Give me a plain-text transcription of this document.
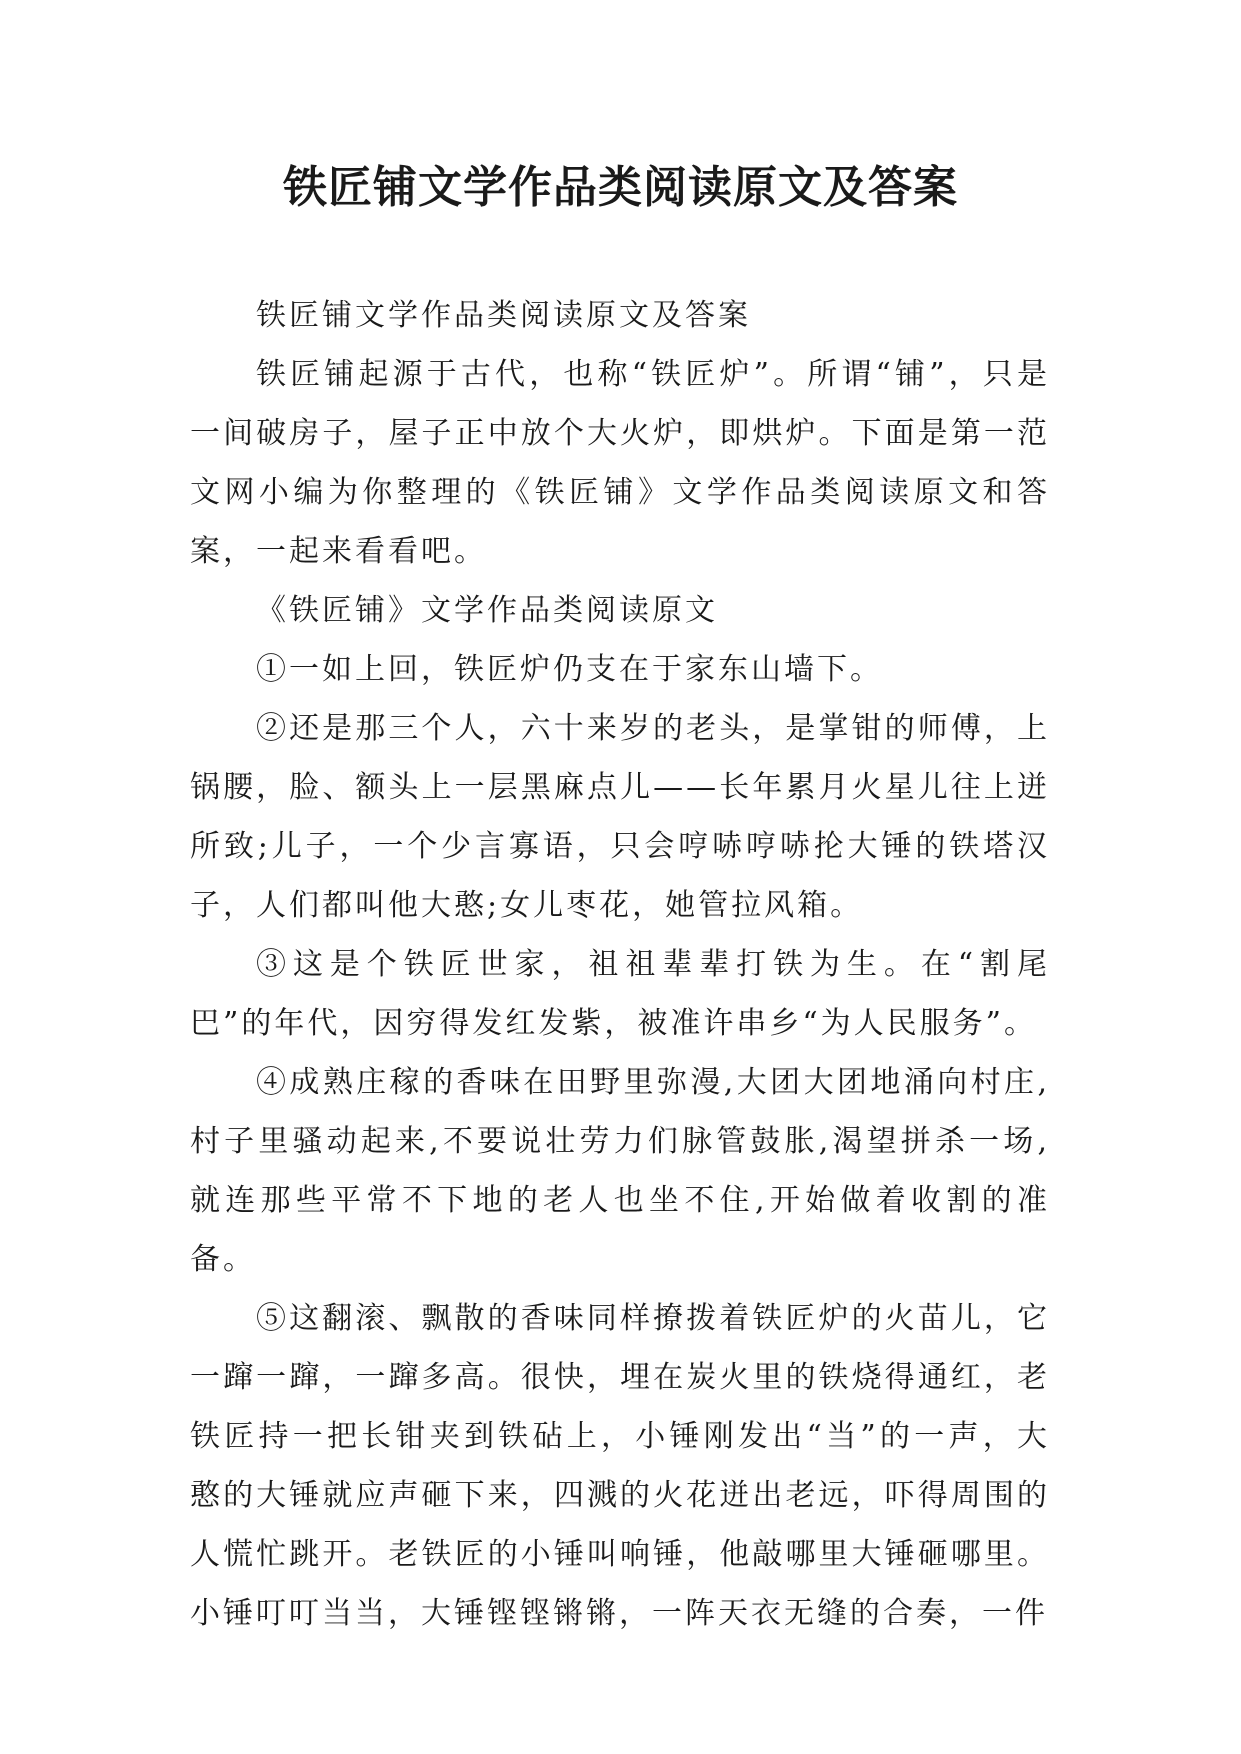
铁匠铺文学作品类阅读原文及答案

铁匠铺文学作品类阅读原文及答案

铁匠铺起源于古代，也称“铁匠炉”。所谓“铺”，只是一间破房子，屋子正中放个大火炉，即烘炉。下面是第一范文网小编为你整理的《铁匠铺》文学作品类阅读原文和答案，一起来看看吧。

《铁匠铺》文学作品类阅读原文

①一如上回，铁匠炉仍支在于家东山墙下。

②还是那三个人，六十来岁的老头，是掌钳的师傅，上锅腰，脸、额头上一层黑麻点儿——长年累月火星儿往上迸所致;儿子，一个少言寡语，只会哼哧哼哧抡大锤的铁塔汉子，人们都叫他大憨;女儿枣花，她管拉风箱。

③这是个铁匠世家，祖祖辈辈打铁为生。在“割尾巴”的年代，因穷得发红发紫，被准许串乡“为人民服务”。

④成熟庄稼的香味在田野里弥漫,大团大团地涌向村庄,村子里骚动起来,不要说壮劳力们脉管鼓胀,渴望拼杀一场,就连那些平常不下地的老人也坐不住,开始做着收割的准备。

⑤这翻滚、飘散的香味同样撩拨着铁匠炉的火苗儿，它一蹿一蹿，一蹿多高。很快，埋在炭火里的铁烧得通红，老铁匠持一把长钳夹到铁砧上，小锤刚发出“当”的一声，大憨的大锤就应声砸下来，四溅的火花迸出老远，吓得周围的人慌忙跳开。老铁匠的小锤叫响锤，他敲哪里大锤砸哪里。小锤叮叮当当，大锤铿铿锵锵，一阵天衣无缝的合奏，一件
